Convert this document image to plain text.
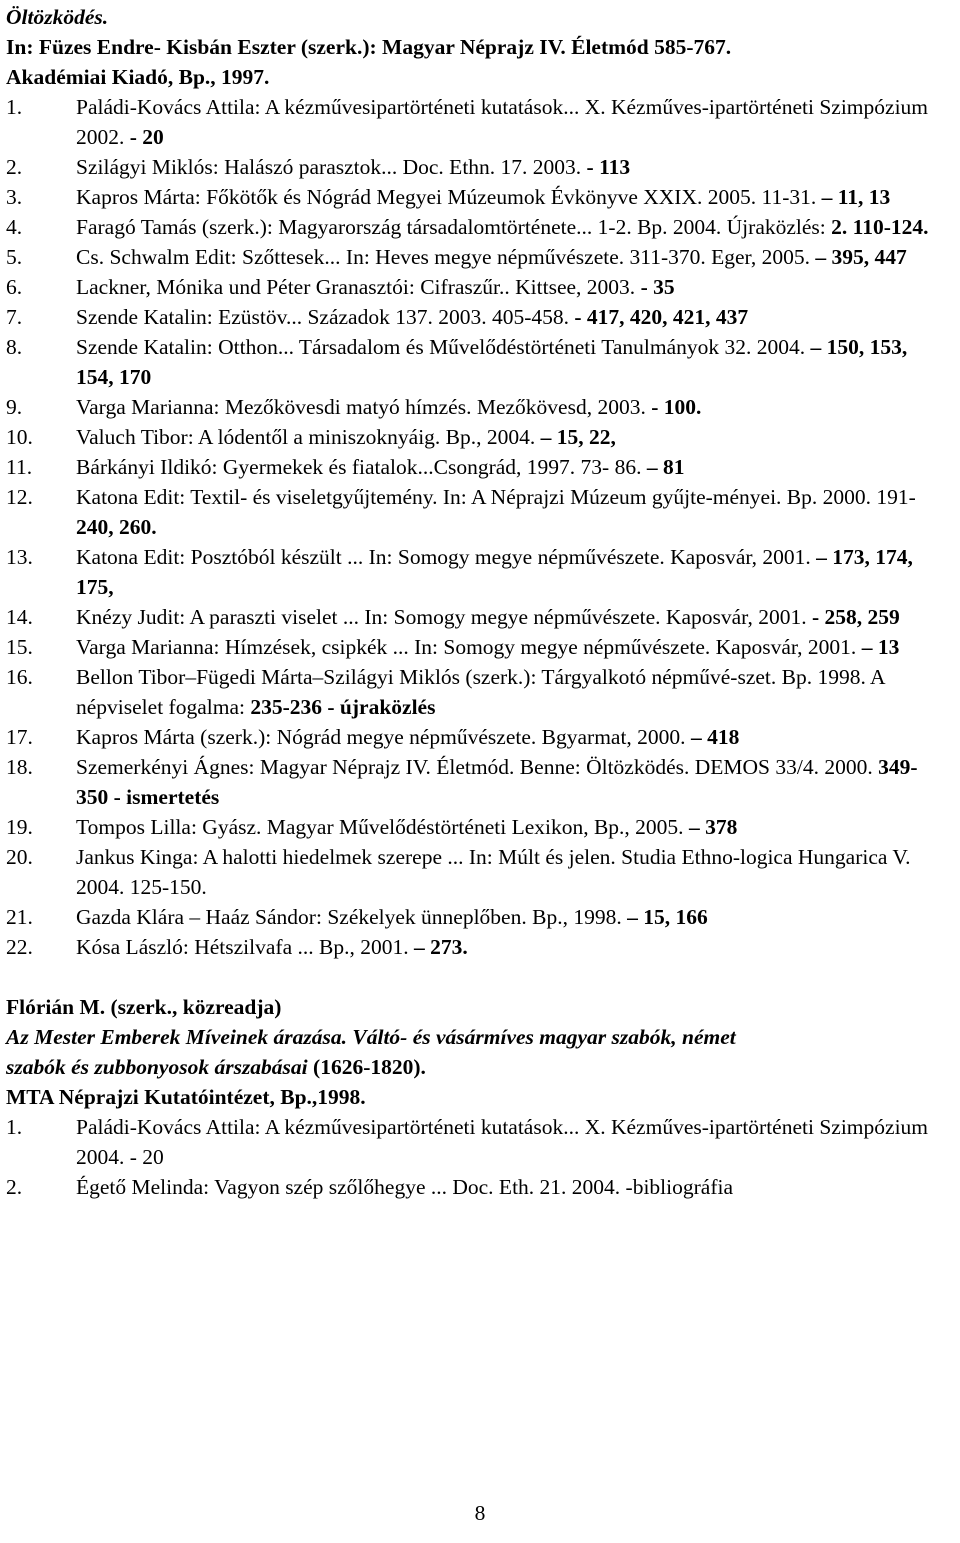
Öltözködés.
In: Füzes Endre- Kisbán Eszter (szerk.): Magyar Néprajz IV. Életmód 585-767.
Akadémiai Kiadó, Bp., 1997.
1.	Paládi-Kovács Attila: A kézművesipartörténeti kutatások... X. Kézműves-ipartörténeti Szimpózium 2002. - 20
2.	Szilágyi Miklós: Halászó parasztok... Doc. Ethn. 17. 2003. - 113
3.	Kapros Márta: Főkötők és Nógrád Megyei Múzeumok Évkönyve XXIX. 2005. 11-31. – 11, 13
4.	Faragó Tamás (szerk.): Magyarország társadalomtörténete... 1-2. Bp. 2004. Újraközlés: 2. 110-124.
5.	Cs. Schwalm Edit: Szőttesek... In: Heves megye népművészete. 311-370. Eger, 2005. – 395, 447
6.	Lackner, Mónika und Péter Granasztói: Cifraszűr.. Kittsee, 2003. - 35
7.	Szende Katalin: Ezüstöv... Századok 137. 2003. 405-458. - 417, 420, 421, 437
8.	Szende Katalin: Otthon... Társadalom és Művelődéstörténeti Tanulmányok 32. 2004. – 150, 153, 154, 170
9.	Varga Marianna: Mezőkövesdi matyó hímzés. Mezőkövesd, 2003. - 100.
10.	Valuch Tibor: A lódentől a miniszoknyáig. Bp., 2004. – 15, 22,
11.	Bárkányi Ildikó: Gyermekek és fiatalok...Csongrád, 1997. 73- 86. – 81
12.	Katona Edit: Textil- és viseletgyűjtemény. In: A Néprajzi Múzeum gyűjte-ményei. Bp. 2000. 191- 240, 260.
13.	Katona Edit: Posztóból készült ... In: Somogy megye népművészete. Kaposvár, 2001. – 173, 174, 175,
14.	Knézy Judit: A paraszti viselet ... In: Somogy megye népművészete. Kaposvár, 2001. - 258, 259
15.	Varga Marianna: Hímzések, csipkék ... In: Somogy megye népművészete. Kaposvár, 2001. – 13
16.	Bellon Tibor–Fügedi Márta–Szilágyi Miklós (szerk.): Tárgyalkotó népművé-szet. Bp. 1998. A népviselet fogalma: 235-236 - újraközlés
17.	Kapros Márta (szerk.): Nógrád megye népművészete. Bgyarmat, 2000. – 418
18.	Szemerkényi Ágnes: Magyar Néprajz IV. Életmód. Benne: Öltözködés. DEMOS 33/4. 2000. 349-350 - ismertetés
19.	Tompos Lilla: Gyász. Magyar Művelődéstörténeti Lexikon, Bp., 2005. – 378
20.	Jankus Kinga: A halotti hiedelmek szerepe ... In: Múlt és jelen. Studia Ethno-logica Hungarica V. 2004. 125-150.
21.	Gazda Klára – Haáz Sándor: Székelyek ünneplőben. Bp., 1998. – 15, 166
22.	Kósa László: Hétszilvafa ... Bp., 2001. – 273.
Flórián M. (szerk., közreadja)
Az Mester Emberek Míveinek árazása. Váltó- és vásármíves magyar szabók, német
szabók és zubbonyosok árszabásai (1626-1820).
MTA Néprajzi Kutatóintézet, Bp.,1998.
1.	Paládi-Kovács Attila: A kézművesipartörténeti kutatások... X. Kézműves-ipartörténeti Szimpózium 2004. - 20
2.	Égető Melinda: Vagyon szép szőlőhegye ... Doc. Eth. 21. 2004. -bibliográfia
8
